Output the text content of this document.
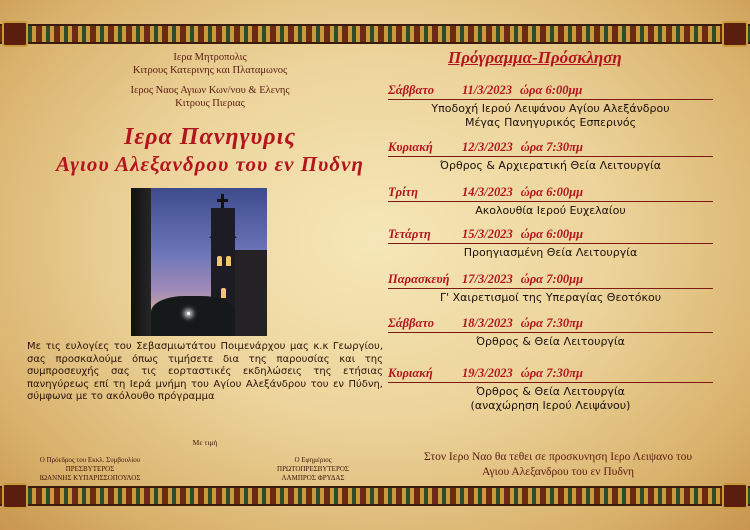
Ιερα Μητροπολις
Κιτρους Κατερινης και Πλαταμωνος
Ιερος Ναος Αγιων Κων/νου & Ελενης
Κιτρους Πιεριας
Ιερα Πανηγυρις
Αγιου Αλεξανδρου του εν Πυδνη
Με τις ευλογίες του Σεβασμιωτάτου Ποιμενάρχου μας κ.κ Γεωργίου, σας προσκαλούμε όπως τιμήσετε δια της παρουσίας και της συμπροσευχής σας τις εορταστικές εκδηλώσεις της ετήσιας πανηγύρεως επί τη Ιερά μνήμη του Αγίου Αλεξάνδρου του εν Πύδνη, σύμφωνα με το ακόλουθο πρόγραμμα
Με τιμή
Ο Πρόεδρος του Εκκλ. Συμβουλίου
ΠΡΕΣΒΥΤΕΡΟΣ
ΙΩΑΝΝΗΣ ΚΥΠΑΡΙΣΣΟΠΟΥΛΟΣ
Ο Εφημέριος
ΠΡΩΤΟΠΡΕΣΒΥΤΕΡΟΣ
ΛΑΜΠΡΟΣ ΦΡΥΔΑΣ
Πρόγραμμα-Πρόσκληση
Σάββατο	11/3/2023 ώρα 6:00μμ
Υποδοχή Ιερού Λειψάνου Αγίου Αλεξάνδρου
Μέγας Πανηγυρικός Εσπερινός
Κυριακή	12/3/2023 ώρα 7:30πμ
Όρθρος & Αρχιερατική Θεία Λειτουργία
Τρίτη	14/3/2023 ώρα 6:00μμ
Ακολουθία Ιερού Ευχελαίου
Τετάρτη	15/3/2023 ώρα 6:00μμ
Προηγιασμένη Θεία Λειτουργία
Παρασκευή	17/3/2023 ώρα 7:00μμ
Γ' Χαιρετισμοί της Υπεραγίας Θεοτόκου
Σάββατο	18/3/2023 ώρα 7:30πμ
Όρθρος & Θεία Λειτουργία
Κυριακή	19/3/2023 ώρα 7:30πμ
Όρθρος & Θεία Λειτουργία
(αναχώρηση Ιερού Λειψάνου)
Στον Ιερο Ναο θα τεθει σε προσκυνηση Ιερο Λειψανο του
Αγιου Αλεξανδρου του εν Πυδνη
